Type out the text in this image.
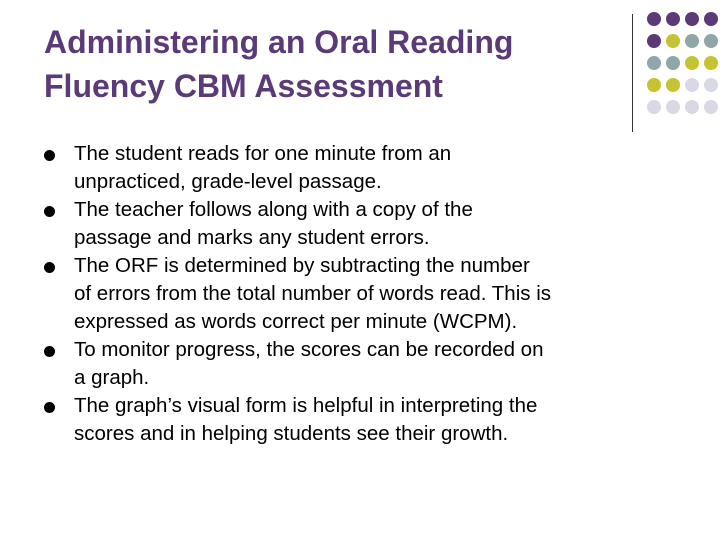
Administering an Oral Reading
Fluency CBM Assessment
The student reads for one minute from an
unpracticed, grade-level passage.
The teacher follows along with a copy of the
passage and marks any student errors.
The ORF is determined by subtracting the number
of errors from the total number of words read. This is
expressed as words correct per minute (WCPM).
To monitor progress, the scores can be recorded on
a graph.
The graph’s visual form is helpful in interpreting the
scores and in helping students see their growth.
